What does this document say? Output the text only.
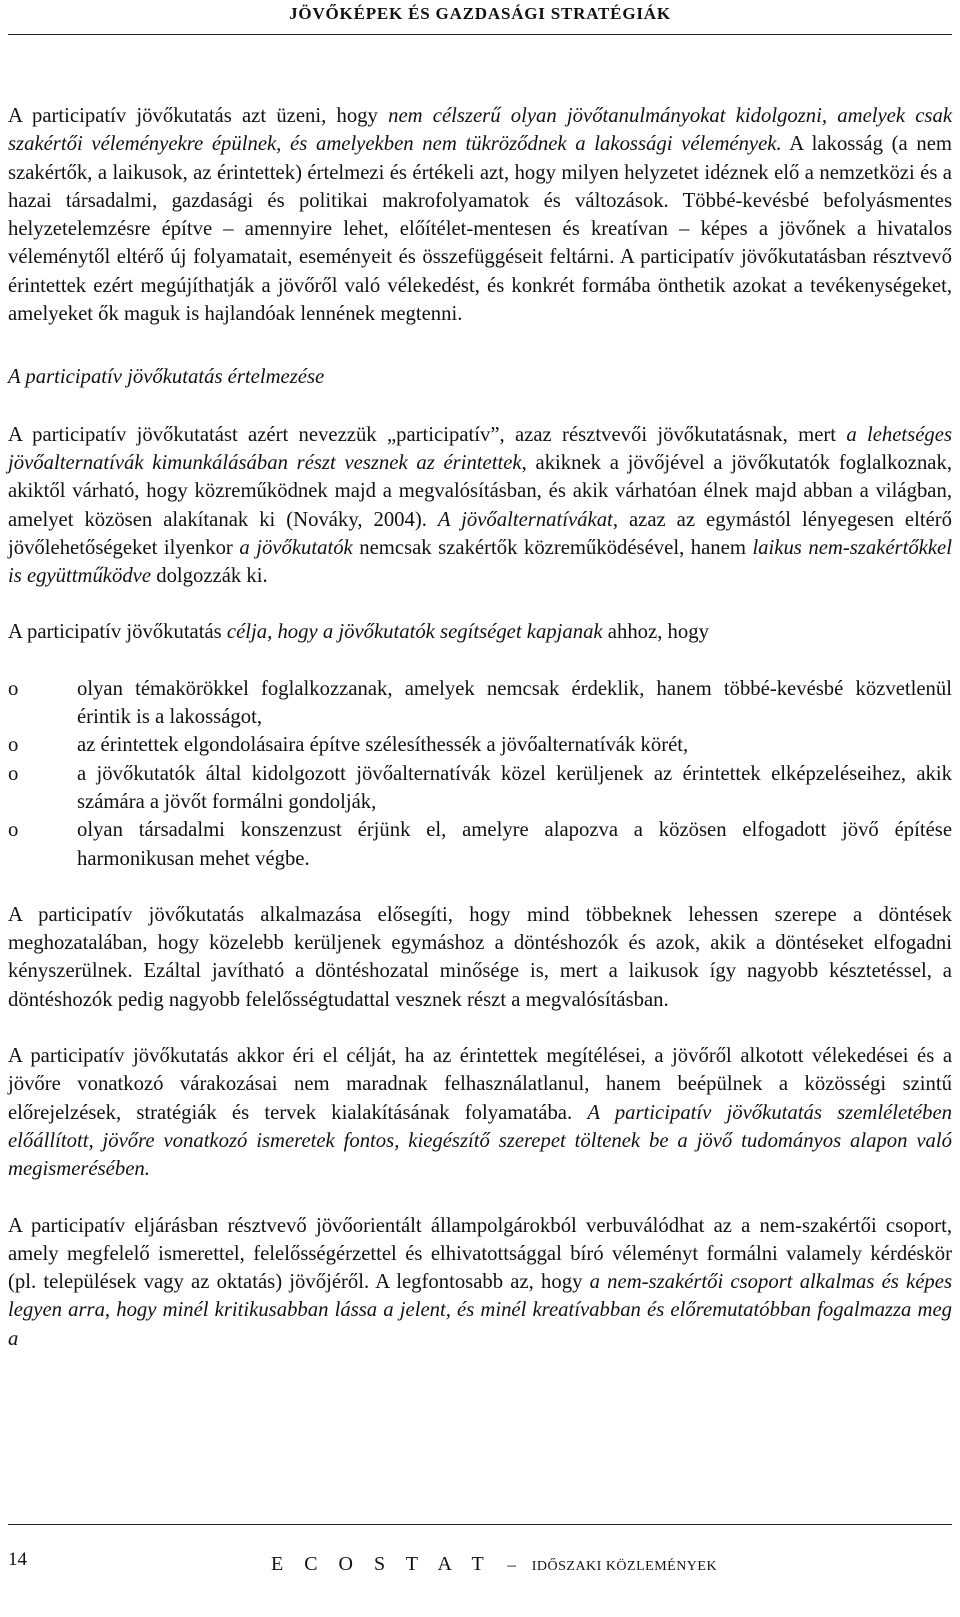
JÖVŐKÉPEK ÉS GAZDASÁGI STRATÉGIÁK

A participatív jövőkutatás azt üzeni, hogy nem célszerű olyan jövőtanulmányokat kidolgozni, amelyek csak szakértői véleményekre épülnek, és amelyekben nem tükröződnek a lakossági vélemények. A lakosság (a nem szakértők, a laikusok, az érintettek) értelmezi és értékeli azt, hogy milyen helyzetet idéznek elő a nemzetközi és a hazai társadalmi, gazdasági és politikai makrofolyamatok és változások. Többé-kevésbé befolyásmentes helyzetelemzésre építve – amennyire lehet, előítélet-mentesen és kreatívan – képes a jövőnek a hivatalos véleménytől eltérő új folyamatait, eseményeit és összefüggéseit feltárni. A participatív jövőkutatásban résztvevő érintettek ezért megújíthatják a jövőről való vélekedést, és konkrét formába önthetik azokat a tevékenységeket, amelyeket ők maguk is hajlandóak lennének megtenni.

A participatív jövőkutatás értelmezése

A participatív jövőkutatást azért nevezzük „participatív”, azaz résztvevői jövőkutatásnak, mert a lehetséges jövőalternatívák kimunkálásában részt vesznek az érintettek, akiknek a jövőjével a jövőkutatók foglalkoznak, akiktől várható, hogy közreműködnek majd a megvalósításban, és akik várhatóan élnek majd abban a világban, amelyet közösen alakítanak ki (Nováky, 2004). A jövőalternatívákat, azaz az egymástól lényegesen eltérő jövőlehetőségeket ilyenkor a jövőkutatók nemcsak szakértők közreműködésével, hanem laikus nem-szakértőkkel is együttműködve dolgozzák ki.

A participatív jövőkutatás célja, hogy a jövőkutatók segítséget kapjanak ahhoz, hogy

o	olyan témakörökkel foglalkozzanak, amelyek nemcsak érdeklik, hanem többé-kevésbé közvetlenül érintik is a lakosságot,
o	az érintettek elgondolásaira építve szélesíthessék a jövőalternatívák körét,
o	a jövőkutatók által kidolgozott jövőalternatívák közel kerüljenek az érintettek elképzeléseihez, akik számára a jövőt formálni gondolják,
o	olyan társadalmi konszenzust érjünk el, amelyre alapozva a közösen elfogadott jövő építése harmonikusan mehet végbe.

A participatív jövőkutatás alkalmazása elősegíti, hogy mind többeknek lehessen szerepe a döntések meghozatalában, hogy közelebb kerüljenek egymáshoz a döntéshozók és azok, akik a döntéseket elfogadni kényszerülnek. Ezáltal javítható a döntéshozatal minősége is, mert a laikusok így nagyobb késztetéssel, a döntéshozók pedig nagyobb felelősségtudattal vesznek részt a megvalósításban.

A participatív jövőkutatás akkor éri el célját, ha az érintettek megítélései, a jövőről alkotott vélekedései és a jövőre vonatkozó várakozásai nem maradnak felhasználatlanul, hanem beépülnek a közösségi szintű előrejelzések, stratégiák és tervek kialakításának folyamatába. A participatív jövőkutatás szemléletében előállított, jövőre vonatkozó ismeretek fontos, kiegészítő szerepet töltenek be a jövő tudományos alapon való megismerésében.

A participatív eljárásban résztvevő jövőorientált állampolgárokból verbuválódhat az a nem-szakértői csoport, amely megfelelő ismerettel, felelősségérzettel és elhivatottsággal bíró véleményt formálni valamely kérdéskör (pl. települések vagy az oktatás) jövőjéről. A legfontosabb az, hogy a nem-szakértői csoport alkalmas és képes legyen arra, hogy minél kritikusabban lássa a jelent, és minél kreatívabban és előremutatóbban fogalmazza meg a

14	E C O S T A T – IDŐSZAKI KÖZLEMÉNYEK
